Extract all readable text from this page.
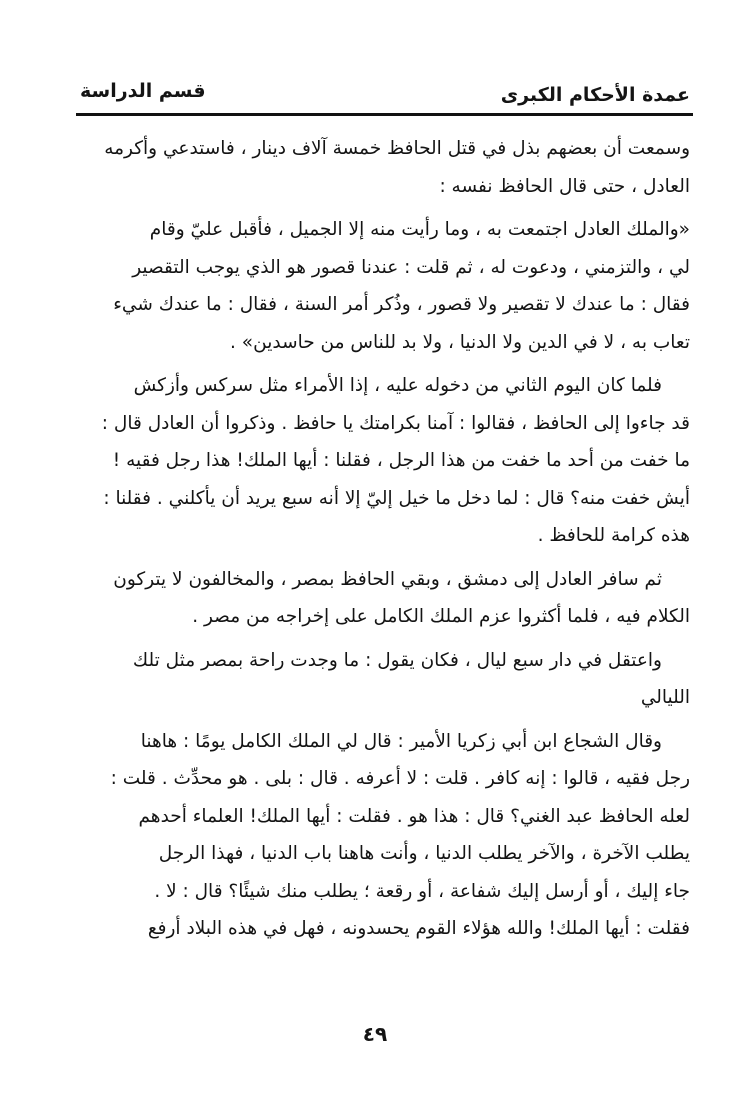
عمدة الأحكام الكبرى
قسم الدراسة
وسمعت أن بعضهم بذل في قتل الحافظ خمسة آلاف دينار ، فاستدعي وأكرمه
العادل ، حتى قال الحافظ نفسه :
«والملك العادل اجتمعت به ، وما رأيت منه إلا الجميل ، فأقبل عليّ وقام
لي ، والتزمني ، ودعوت له ، ثم قلت : عندنا قصور هو الذي يوجب التقصير
فقال : ما عندك لا تقصير ولا قصور ، وذُكر أمر السنة ، فقال : ما عندك شيء
تعاب به ، لا في الدين ولا الدنيا ، ولا بد للناس من حاسدين» .
فلما كان اليوم الثاني من دخوله عليه ، إذا الأمراء مثل سركس وأزكش
قد جاءوا إلى الحافظ ، فقالوا : آمنا بكرامتك يا حافظ . وذكروا أن العادل قال :
ما خفت من أحد ما خفت من هذا الرجل ، فقلنا : أيها الملك! هذا رجل فقيه !
أيش خفت منه؟ قال : لما دخل ما خيل إليّ إلا أنه سبع يريد أن يأكلني . فقلنا :
هذه كرامة للحافظ .
ثم سافر العادل إلى دمشق ، وبقي الحافظ بمصر ، والمخالفون لا يتركون
الكلام فيه ، فلما أكثروا عزم الملك الكامل على إخراجه من مصر .
واعتقل في دار سبع ليال ، فكان يقول : ما وجدت راحة بمصر مثل تلك
الليالي
وقال الشجاع ابن أبي زكريا الأمير : قال لي الملك الكامل يومًا : هاهنا
رجل فقيه ، قالوا : إنه كافر . قلت : لا أعرفه . قال : بلى . هو محدِّث . قلت :
لعله الحافظ عبد الغني؟ قال : هذا هو . فقلت : أيها الملك! العلماء أحدهم
يطلب الآخرة ، والآخر يطلب الدنيا ، وأنت هاهنا باب الدنيا ، فهذا الرجل
جاء إليك ، أو أرسل إليك شفاعة ، أو رقعة ؛ يطلب منك شيئًا؟ قال : لا .
فقلت : أيها الملك! والله هؤلاء القوم يحسدونه ، فهل في هذه البلاد أرفع
٤٩
